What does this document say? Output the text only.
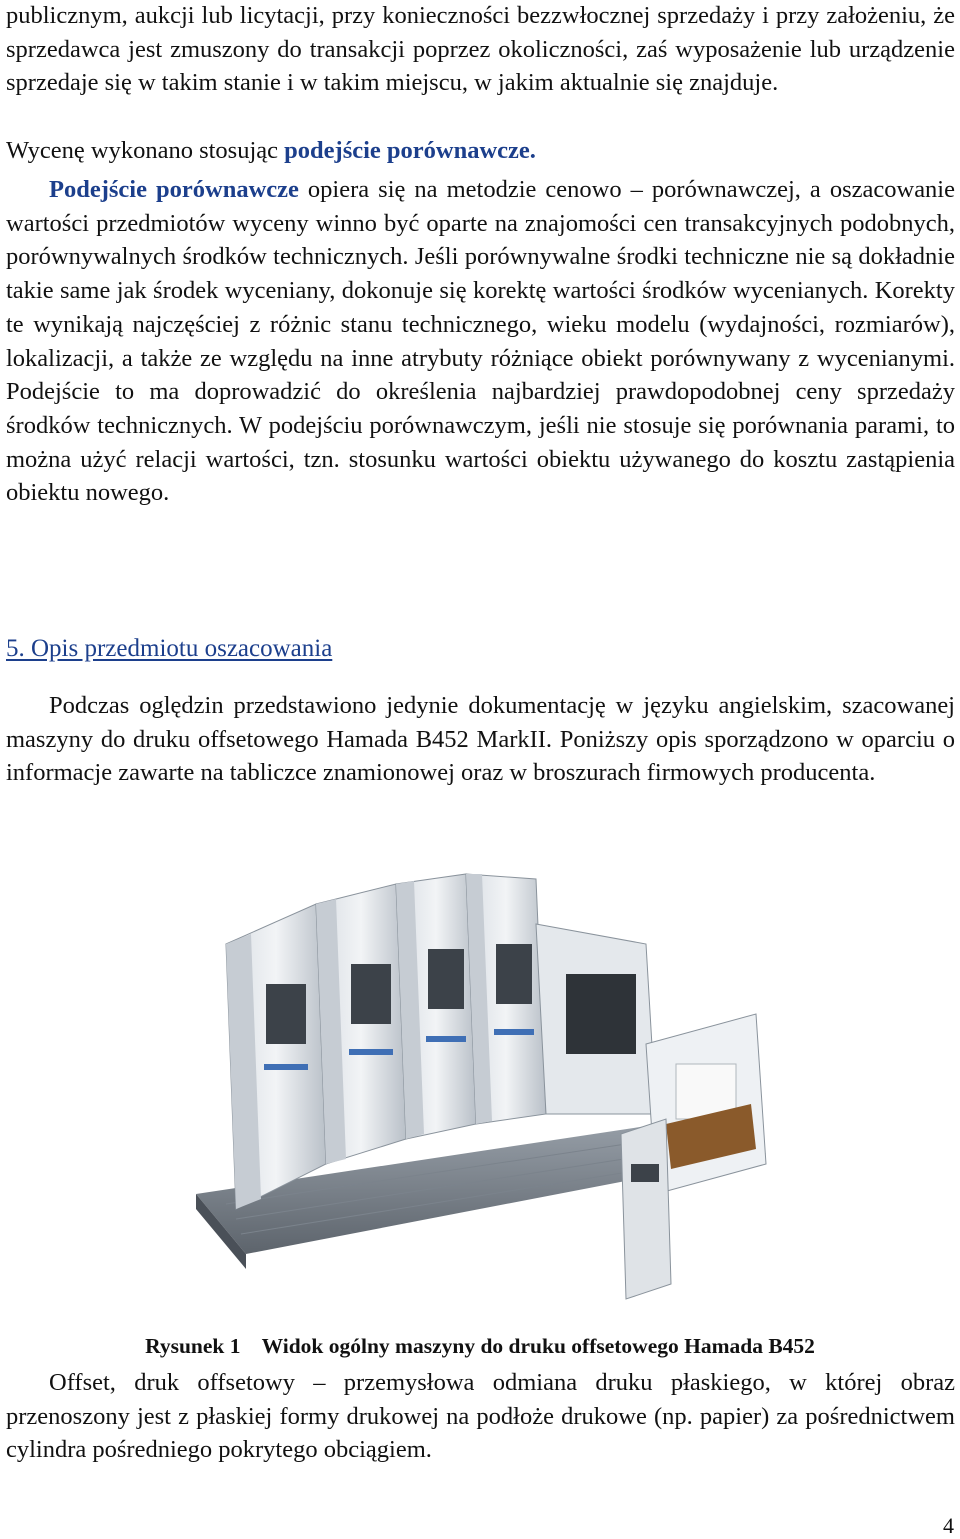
publicznym, aukcji lub licytacji, przy konieczności bezzwłocznej sprzedaży i przy założeniu, że sprzedawca jest zmuszony do transakcji poprzez okoliczności, zaś wyposażenie lub urządzenie sprzedaje się w takim stanie i w takim miejscu, w jakim aktualnie się znajduje.

Wycenę wykonano stosując podejście porównawcze.

Podejście porównawcze opiera się na metodzie cenowo – porównawczej, a oszacowanie wartości przedmiotów wyceny winno być oparte na znajomości cen transakcyjnych podobnych, porównywalnych środków technicznych. Jeśli porównywalne środki techniczne nie są dokładnie takie same jak środek wyceniany, dokonuje się korektę wartości środków wycenianych. Korekty te wynikają najczęściej z różnic stanu technicznego, wieku modelu (wydajności, rozmiarów), lokalizacji, a także ze względu na inne atrybuty różniące obiekt porównywany z wycenianymi. Podejście to ma doprowadzić do określenia najbardziej prawdopodobnej ceny sprzedaży środków technicznych. W podejściu porównawczym, jeśli nie stosuje się porównania parami, to można użyć relacji wartości, tzn. stosunku wartości obiektu używanego do kosztu zastąpienia obiektu nowego.

5. Opis przedmiotu oszacowania

Podczas oględzin przedstawiono jedynie dokumentację w języku angielskim, szacowanej maszyny do druku offsetowego Hamada B452 MarkII. Poniższy opis sporządzono w oparciu o informacje zawarte na tabliczce znamionowej oraz w broszurach firmowych producenta.

Rysunek 1    Widok ogólny maszyny do druku offsetowego Hamada B452

Offset, druk offsetowy – przemysłowa odmiana druku płaskiego, w której obraz przenoszony jest z płaskiej formy drukowej na podłoże drukowe (np. papier) za pośrednictwem cylindra pośredniego pokrytego obciągiem.

4
